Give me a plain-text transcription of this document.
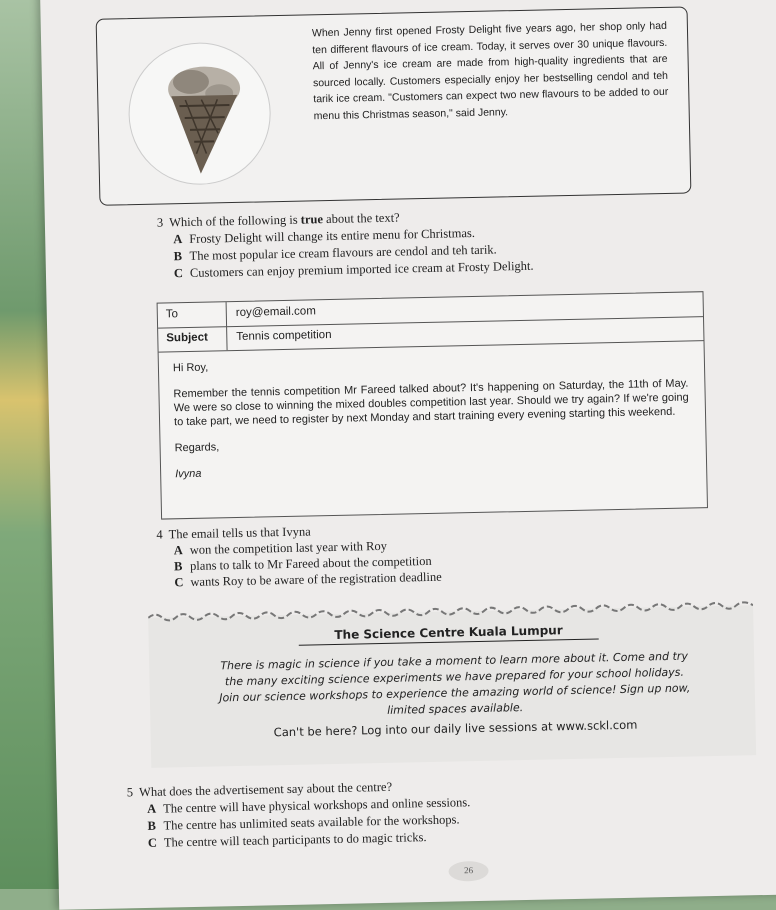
When Jenny first opened Frosty Delight five years ago, her shop only had ten different flavours of ice cream. Today, it serves over 30 unique flavours. All of Jenny's ice cream are made from high-quality ingredients that are sourced locally. Customers especially enjoy her bestselling cendol and teh tarik ice cream. "Customers can expect two new flavours to be added to our menu this Christmas season," said Jenny.
3 Which of the following is true about the text?
A Frosty Delight will change its entire menu for Christmas.
B The most popular ice cream flavours are cendol and teh tarik.
C Customers can enjoy premium imported ice cream at Frosty Delight.
To	roy@email.com
Subject Tennis competition

Hi Roy,

Remember the tennis competition Mr Fareed talked about? It's happening on Saturday, the 11th of May. We were so close to winning the mixed doubles competition last year. Should we try again? If we're going to take part, we need to register by next Monday and start training every evening starting this weekend.

Regards,

Ivyna

4 The email tells us that Ivyna
A won the competition last year with Roy
B plans to talk to Mr Fareed about the competition
C wants Roy to be aware of the registration deadline
The Science Centre Kuala Lumpur
There is magic in science if you take a moment to learn more about it. Come and try
the many exciting science experiments we have prepared for your school holidays.
Join our science workshops to experience the amazing world of science! Sign up now,
limited spaces available.
Can't be here? Log into our daily live sessions at www.sckl.com
5 What does the advertisement say about the centre?
A The centre will have physical workshops and online sessions.
B The centre has unlimited seats available for the workshops.
C The centre will teach participants to do magic tricks.
26
